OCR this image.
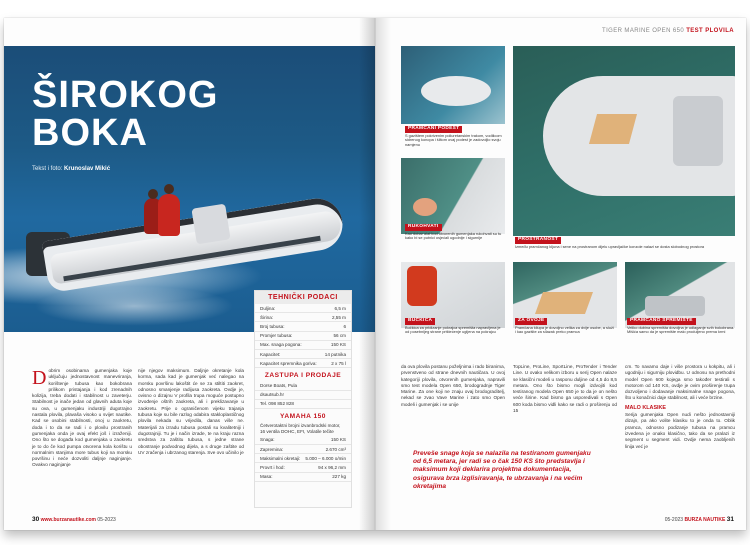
ŠIROKOG
BOKA
Tekst i foto: Krunoslav Mikić
Dobrim osobinama gumenjaka koje uključuju jednostavnost manevriranja, korištenje tubusa kao bokobrana prilikom pristajanja i kod zrenadnih kolizija, treba dodati i stabilnost u zaveterju. Stabilnost je inače jedan od glavnih aduta koje su ova, u gumenjaku industriji dugotrajno nastala plovila, plavaša visoko u svijet nautike. Kad se osobini stabilnosti, onoj u zaokretu, doda i to da se radi i o plovilu prostranih gumenjaka onda je ovaj efekt još i izraženiji. Ono što se događa kod gumenjaka u zaokretu je to do če kod pumpa otvorena kola korištu u normalnim stanjima more tubus koji na morsku površinu i neće dozvoliti daljnje naginjanje. Ovakvo naginjanje
nije njegov maksimum. Daljnje okretanje kola korma, sada kad je gumenjak već nalegao na morsku površinu lakoštit će se za stiltiti zaokret, odnosno smanjenje radijusa zaokreta. Ovdje je, ovisno o dizajnu V profila trupa moguće postupno izvođenje oštrih zaokreta, ali i preklizavanje u zaokretu. Prije o ograničenom vijeku trajanja tubusa koje su bile razlog odabira stakloplastičnog plovila nekada su vrijedila, danas više ne. Materijali za izradu tubusa postali su kvalitetniji i dugotrajniji. Tu je i način izrade, te na kraju razna sredstva za zaštitu tubusa, s jedne strane obostranje podvodnog dijela, a s druge zaštite od UV zračenja i ubrzanog starenja. Sve ovo učinilo je
TEHNIČKI PODACI
Duljina:	6,5 m
Širina:	2,55 m
Broj tubusa:	6
Promjer tubusa:	56 cm
Max. snaga pogona:	150 KS
Kapacitet:	14 putnika
Kapacitet spremnika goriva:	2 x 75 l
ZASTUPA I PRODAJE
Dorse Boats, Pula
dsautsub.hr
Tel. 098 852 828
YAMAHA 150
Četverotaktni brojni izvanbrodski motor, 16 ventila DOHC, EFI, Volatile tečite
Snaga:	150 KS
Zapremina:	2.670 cm³
Maksimalni okretaji: 5.000 – 6.000 o/min
Provrt i hod:	94 x 96,2 mm
Masa:	227 kg
30 www.burzanautike.com 05-2023
TIGER MARINE OPEN 650 TEST PLOVILA
PRAMČANI PODEST
S gazištem pokrivenim poliuretanskim trakom, vodilicom sidrenog konopa i šiltom ovaj podest je zadovoljio svoju namjenu
PROSTRANOST
Između pramčanog kljuna i sene na prostranom dijelu upravljačke konzole nalazi se dosta slobodnog prostora
RUKOHVATI
Kao dobar alat kod otvorenih gumenjaka rukohvati su tu kako bi se putnici osjećali ugodnije i sigurnije
BUČKICA
Bučkica za pridizanje pokrajca spremišta napravljena je od posebnijeg strane prištećenje ugljena na pokrajcu
ZA OVOJE
Pramčana kliupa je dovoljno velika za dvije osobe, a služi i kao gazište za silazak preko pramca
PRAMČANO SPREMIŠTE
Veliko dubina spremišta dovoljna je udlaganje svih bokobrana. Mišića samo da je spremište malo produljeno prema krmi
da ova plovila postanu poželjnima i rado biranima, prvenstveno od strane dnevnih nautičara. U ovoj kategoriji plovila, otvorenih gumenjaka, napravili smo test modela Open 650, brodogradnje Tiger Marine. Za one koji ne znaju ovaj brodograditelj, nekad se zvao Vave Marine i zato smo Open modeli i gumenjak i se unije
TopLine, ProLine, SportLine, ProTender i Tender Line. U ovako velikom izboru u serij Open nalaze se klasični modeli u rasponu duljine od 4,5 do 8,5 metara. Ono što bismo mogli izdvojiti kod testiranog modela Open 650 je to da je on nešto veće širine. Kad bismo ga usporedivali s Open 600 koda bismo vidli kako se radi o proširenju od 15
cm. To navamo daje i više prostora u kokpitu, ali i ugodniju i sigurniju plovidbu. U odnosu na prethodni model Open 600 kojega smo također testirali s motorom od 140 KS, ovdje je ovim proširenje trupa dozvoljeno i dodavanje maksimalne snage pogona, što u konačnici daje stabilnost, ali i veće brzine.
MALO KLASIKE
Serija gumenjaka Open nudi nešto jednostavniji dizajn, pa ako volite klasiku to je onda to. Oblik pramca, odnosno podizanje tubusa na pramcu izvedena je onako klasično, tako da se pralazi iz segment u segment vidi. Ovdje nema zaobljenih linija već je
Preveše snage koja se nalazila na testiranom gumenjaku od 6,5 metara, jer radi se o čak 150 KS što predstavlja i maksimum koji deklarira projektna dokumentacija, osiguravа brza izglisiravanja, te ubrzavanja i na većim okretajima
05-2023 BURZA NAUTIKE 31
